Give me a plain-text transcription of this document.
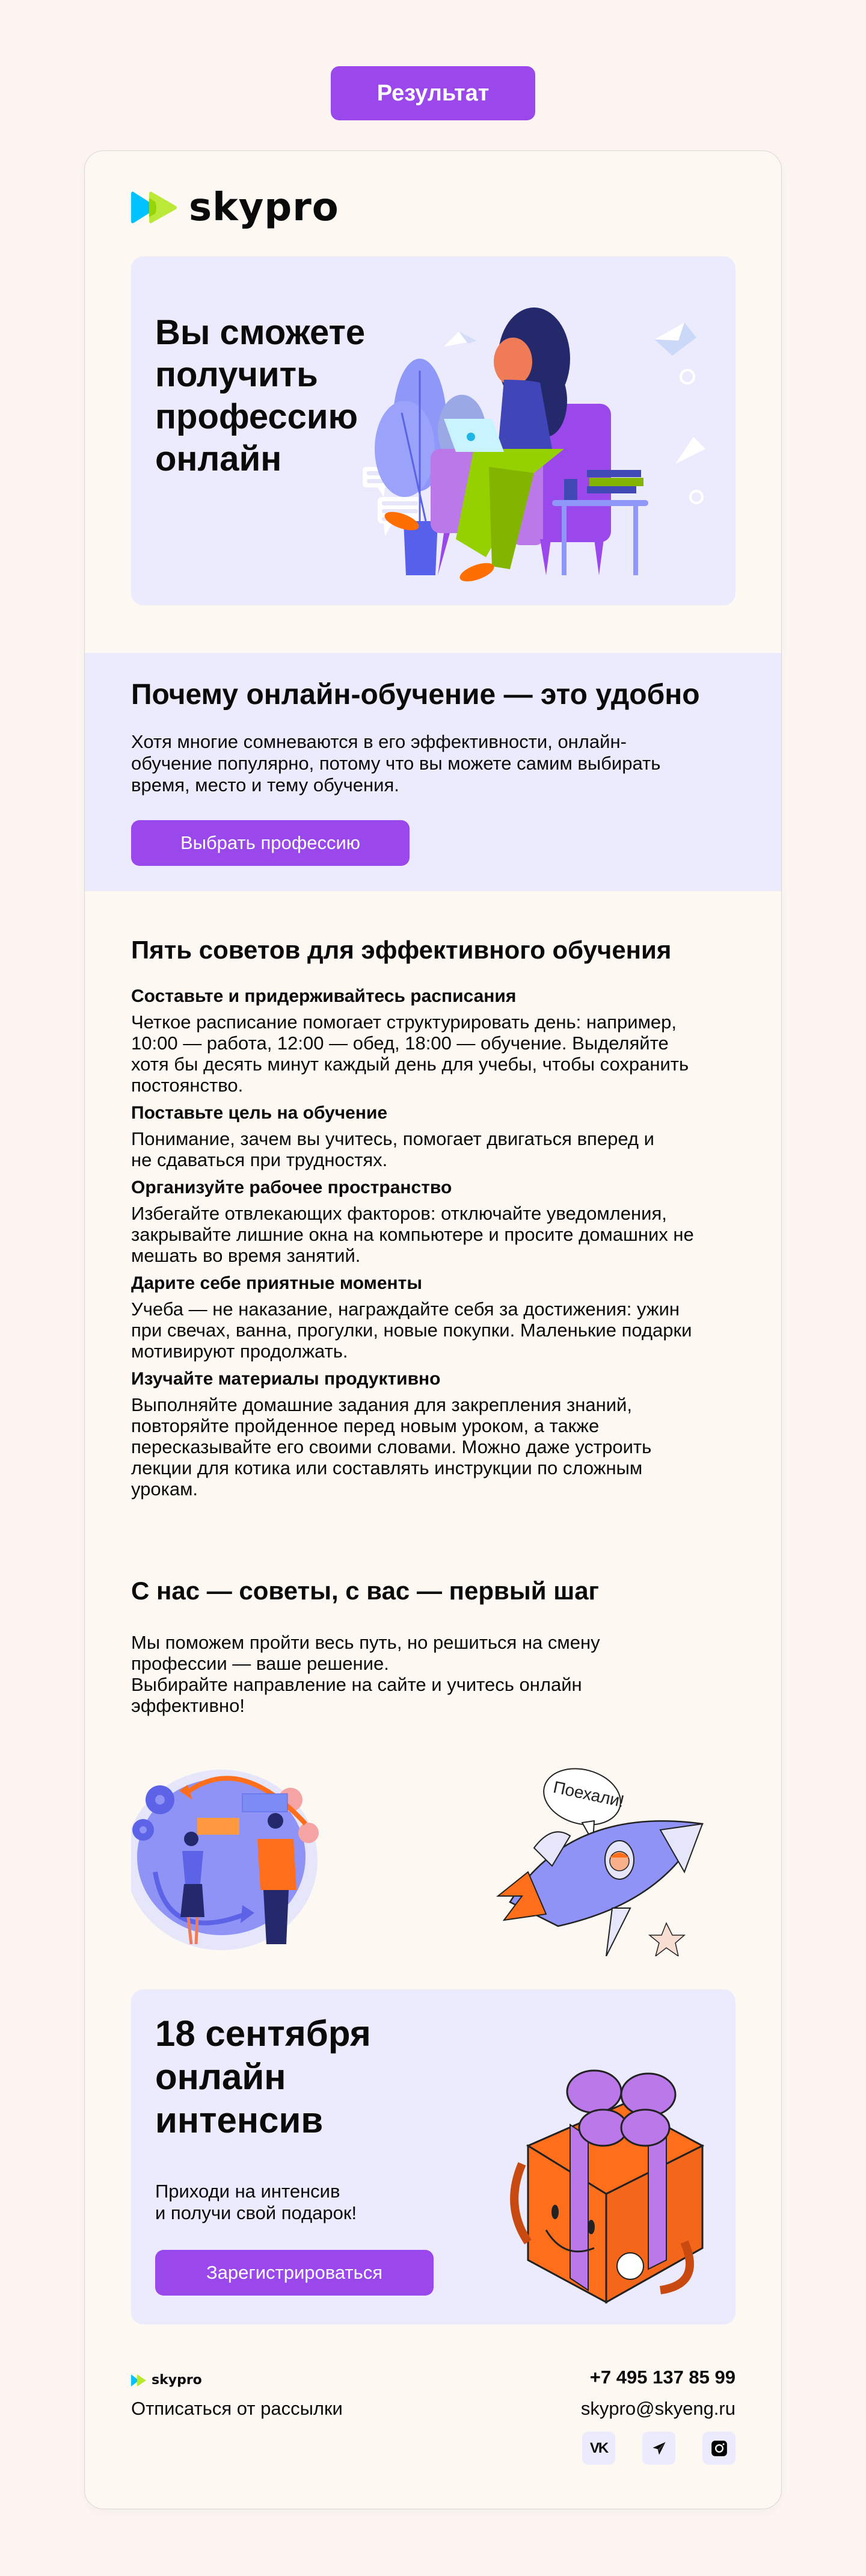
Результат
skypro
Вы сможете получить профессию онлайн
Почему онлайн-обучение — это удобно

Хотя многие сомневаются в его эффективности, онлайн-обучение популярно, потому что вы можете самим выбирать время, место и тему обучения.

Выбрать профессию
Пять советов для эффективного обучения
Составьте и придерживайтесь расписания

Четкое расписание помогает структурировать день: например, 10:00 — работа, 12:00 — обед, 18:00 — обучение. Выделяйте хотя бы десять минут каждый день для учебы, чтобы сохранить постоянство.

Поставьте цель на обучение

Понимание, зачем вы учитесь, помогает двигаться вперед и не сдаваться при трудностях.

Организуйте рабочее пространство

Избегайте отвлекающих факторов: отключайте уведомления, закрывайте лишние окна на компьютере и просите домашних не мешать во время занятий.

Дарите себе приятные моменты

Учеба — не наказание, награждайте себя за достижения: ужин при свечах, ванна, прогулки, новые покупки. Маленькие подарки мотивируют продолжать.

Изучайте материалы продуктивно

Выполняйте домашние задания для закрепления знаний, повторяйте пройденное перед новым уроком, а также пересказывайте его своими словами. Можно даже устроить лекции для котика или составлять инструкции по сложным урокам.

С нас — советы, с вас — первый шаг

Мы поможем пройти весь путь, но решиться на смену профессии — ваше решение.

Выбирайте направление на сайте и учитесь онлайн эффективно!

Поехали!
18 сентября онлайн интенсив

Приходи на интенсив
и получи свой подарок!

Зарегистрироваться
skypro
Отписаться от рассылки
+7 495 137 85 99
skypro@skyeng.ru
VK
